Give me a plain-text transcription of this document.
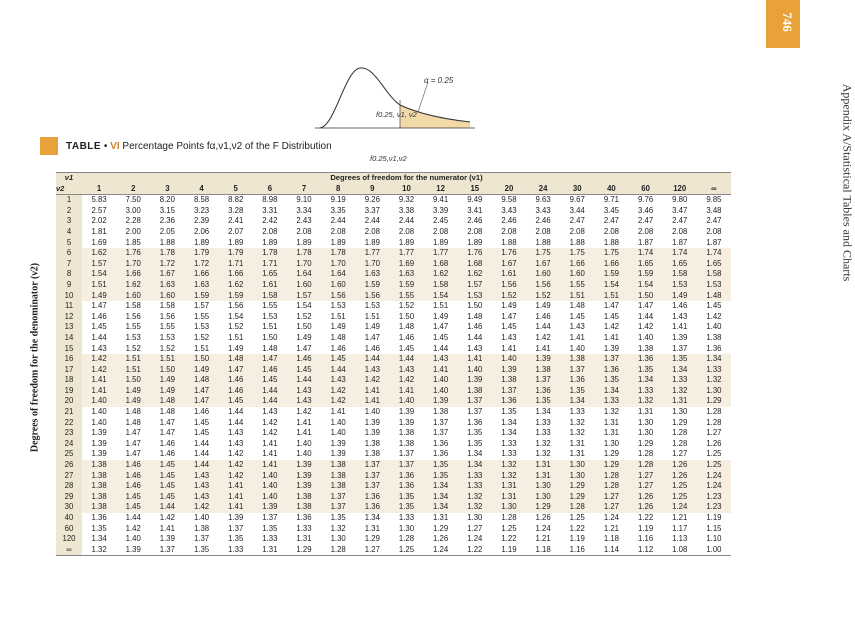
746
Appendix A/Statistical Tables and Charts
α = 0.25
f0.25, ν1, ν2
TABLE • VI Percentage Points fα,ν1,ν2 of the F Distribution
f0.25,ν1,ν2
Degrees of freedom for the denominator (ν2)
ν1	Degrees of freedom for the numerator (ν1)																		
ν2	1	2	3	4	5	6	7	8	9	10	12	15	20	24	30	40	60	120	∞
1	5.83	7.50	8.20	8.58	8.82	8.98	9.10	9.19	9.26	9.32	9.41	9.49	9.58	9.63	9.67	9.71	9.76	9.80	9.85
2	2.57	3.00	3.15	3.23	3.28	3.31	3.34	3.35	3.37	3.38	3.39	3.41	3.43	3.43	3.44	3.45	3.46	3.47	3.48
3	2.02	2.28	2.36	2.39	2.41	2.42	2.43	2.44	2.44	2.44	2.45	2.46	2.46	2.46	2.47	2.47	2.47	2.47	2.47
4	1.81	2.00	2.05	2.06	2.07	2.08	2.08	2.08	2.08	2.08	2.08	2.08	2.08	2.08	2.08	2.08	2.08	2.08	2.08
5	1.69	1.85	1.88	1.89	1.89	1.89	1.89	1.89	1.89	1.89	1.89	1.89	1.88	1.88	1.88	1.88	1.87	1.87	1.87
6	1.62	1.76	1.78	1.79	1.79	1.78	1.78	1.78	1.77	1.77	1.77	1.76	1.76	1.75	1.75	1.75	1.74	1.74	1.74
7	1.57	1.70	1.72	1.72	1.71	1.71	1.70	1.70	1.70	1.69	1.68	1.68	1.67	1.67	1.66	1.66	1.65	1.65	1.65
8	1.54	1.66	1.67	1.66	1.66	1.65	1.64	1.64	1.63	1.63	1.62	1.62	1.61	1.60	1.60	1.59	1.59	1.58	1.58
9	1.51	1.62	1.63	1.63	1.62	1.61	1.60	1.60	1.59	1.59	1.58	1.57	1.56	1.56	1.55	1.54	1.54	1.53	1.53
10	1.49	1.60	1.60	1.59	1.59	1.58	1.57	1.56	1.56	1.55	1.54	1.53	1.52	1.52	1.51	1.51	1.50	1.49	1.48
11	1.47	1.58	1.58	1.57	1.56	1.55	1.54	1.53	1.53	1.52	1.51	1.50	1.49	1.49	1.48	1.47	1.47	1.46	1.45
12	1.46	1.56	1.56	1.55	1.54	1.53	1.52	1.51	1.51	1.50	1.49	1.48	1.47	1.46	1.45	1.45	1.44	1.43	1.42
13	1.45	1.55	1.55	1.53	1.52	1.51	1.50	1.49	1.49	1.48	1.47	1.46	1.45	1.44	1.43	1.42	1.42	1.41	1.40
14	1.44	1.53	1.53	1.52	1.51	1.50	1.49	1.48	1.47	1.46	1.45	1.44	1.43	1.42	1.41	1.41	1.40	1.39	1.38
15	1.43	1.52	1.52	1.51	1.49	1.48	1.47	1.46	1.46	1.45	1.44	1.43	1.41	1.41	1.40	1.39	1.38	1.37	1.36
16	1.42	1.51	1.51	1.50	1.48	1.47	1.46	1.45	1.44	1.44	1.43	1.41	1.40	1.39	1.38	1.37	1.36	1.35	1.34
17	1.42	1.51	1.50	1.49	1.47	1.46	1.45	1.44	1.43	1.43	1.41	1.40	1.39	1.38	1.37	1.36	1.35	1.34	1.33
18	1.41	1.50	1.49	1.48	1.46	1.45	1.44	1.43	1.42	1.42	1.40	1.39	1.38	1.37	1.36	1.35	1.34	1.33	1.32
19	1.41	1.49	1.49	1.47	1.46	1.44	1.43	1.42	1.41	1.41	1.40	1.38	1.37	1.36	1.35	1.34	1.33	1.32	1.30
20	1.40	1.49	1.48	1.47	1.45	1.44	1.43	1.42	1.41	1.40	1.39	1.37	1.36	1.35	1.34	1.33	1.32	1.31	1.29
21	1.40	1.48	1.48	1.46	1.44	1.43	1.42	1.41	1.40	1.39	1.38	1.37	1.35	1.34	1.33	1.32	1.31	1.30	1.28
22	1.40	1.48	1.47	1.45	1.44	1.42	1.41	1.40	1.39	1.39	1.37	1.36	1.34	1.33	1.32	1.31	1.30	1.29	1.28
23	1.39	1.47	1.47	1.45	1.43	1.42	1.41	1.40	1.39	1.38	1.37	1.35	1.34	1.33	1.32	1.31	1.30	1.28	1.27
24	1.39	1.47	1.46	1.44	1.43	1.41	1.40	1.39	1.38	1.38	1.36	1.35	1.33	1.32	1.31	1.30	1.29	1.28	1.26
25	1.39	1.47	1.46	1.44	1.42	1.41	1.40	1.39	1.38	1.37	1.36	1.34	1.33	1.32	1.31	1.29	1.28	1.27	1.25
26	1.38	1.46	1.45	1.44	1.42	1.41	1.39	1.38	1.37	1.37	1.35	1.34	1.32	1.31	1.30	1.29	1.28	1.26	1.25
27	1.38	1.46	1.45	1.43	1.42	1.40	1.39	1.38	1.37	1.36	1.35	1.33	1.32	1.31	1.30	1.28	1.27	1.26	1.24
28	1.38	1.46	1.45	1.43	1.41	1.40	1.39	1.38	1.37	1.36	1.34	1.33	1.31	1.30	1.29	1.28	1.27	1.25	1.24
29	1.38	1.45	1.45	1.43	1.41	1.40	1.38	1.37	1.36	1.35	1.34	1.32	1.31	1.30	1.29	1.27	1.26	1.25	1.23
30	1.38	1.45	1.44	1.42	1.41	1.39	1.38	1.37	1.36	1.35	1.34	1.32	1.30	1.29	1.28	1.27	1.26	1.24	1.23
40	1.36	1.44	1.42	1.40	1.39	1.37	1.36	1.35	1.34	1.33	1.31	1.30	1.28	1.26	1.25	1.24	1.22	1.21	1.19
60	1.35	1.42	1.41	1.38	1.37	1.35	1.33	1.32	1.31	1.30	1.29	1.27	1.25	1.24	1.22	1.21	1.19	1.17	1.15
120	1.34	1.40	1.39	1.37	1.35	1.33	1.31	1.30	1.29	1.28	1.26	1.24	1.22	1.21	1.19	1.18	1.16	1.13	1.10
∞	1.32	1.39	1.37	1.35	1.33	1.31	1.29	1.28	1.27	1.25	1.24	1.22	1.19	1.18	1.16	1.14	1.12	1.08	1.00
